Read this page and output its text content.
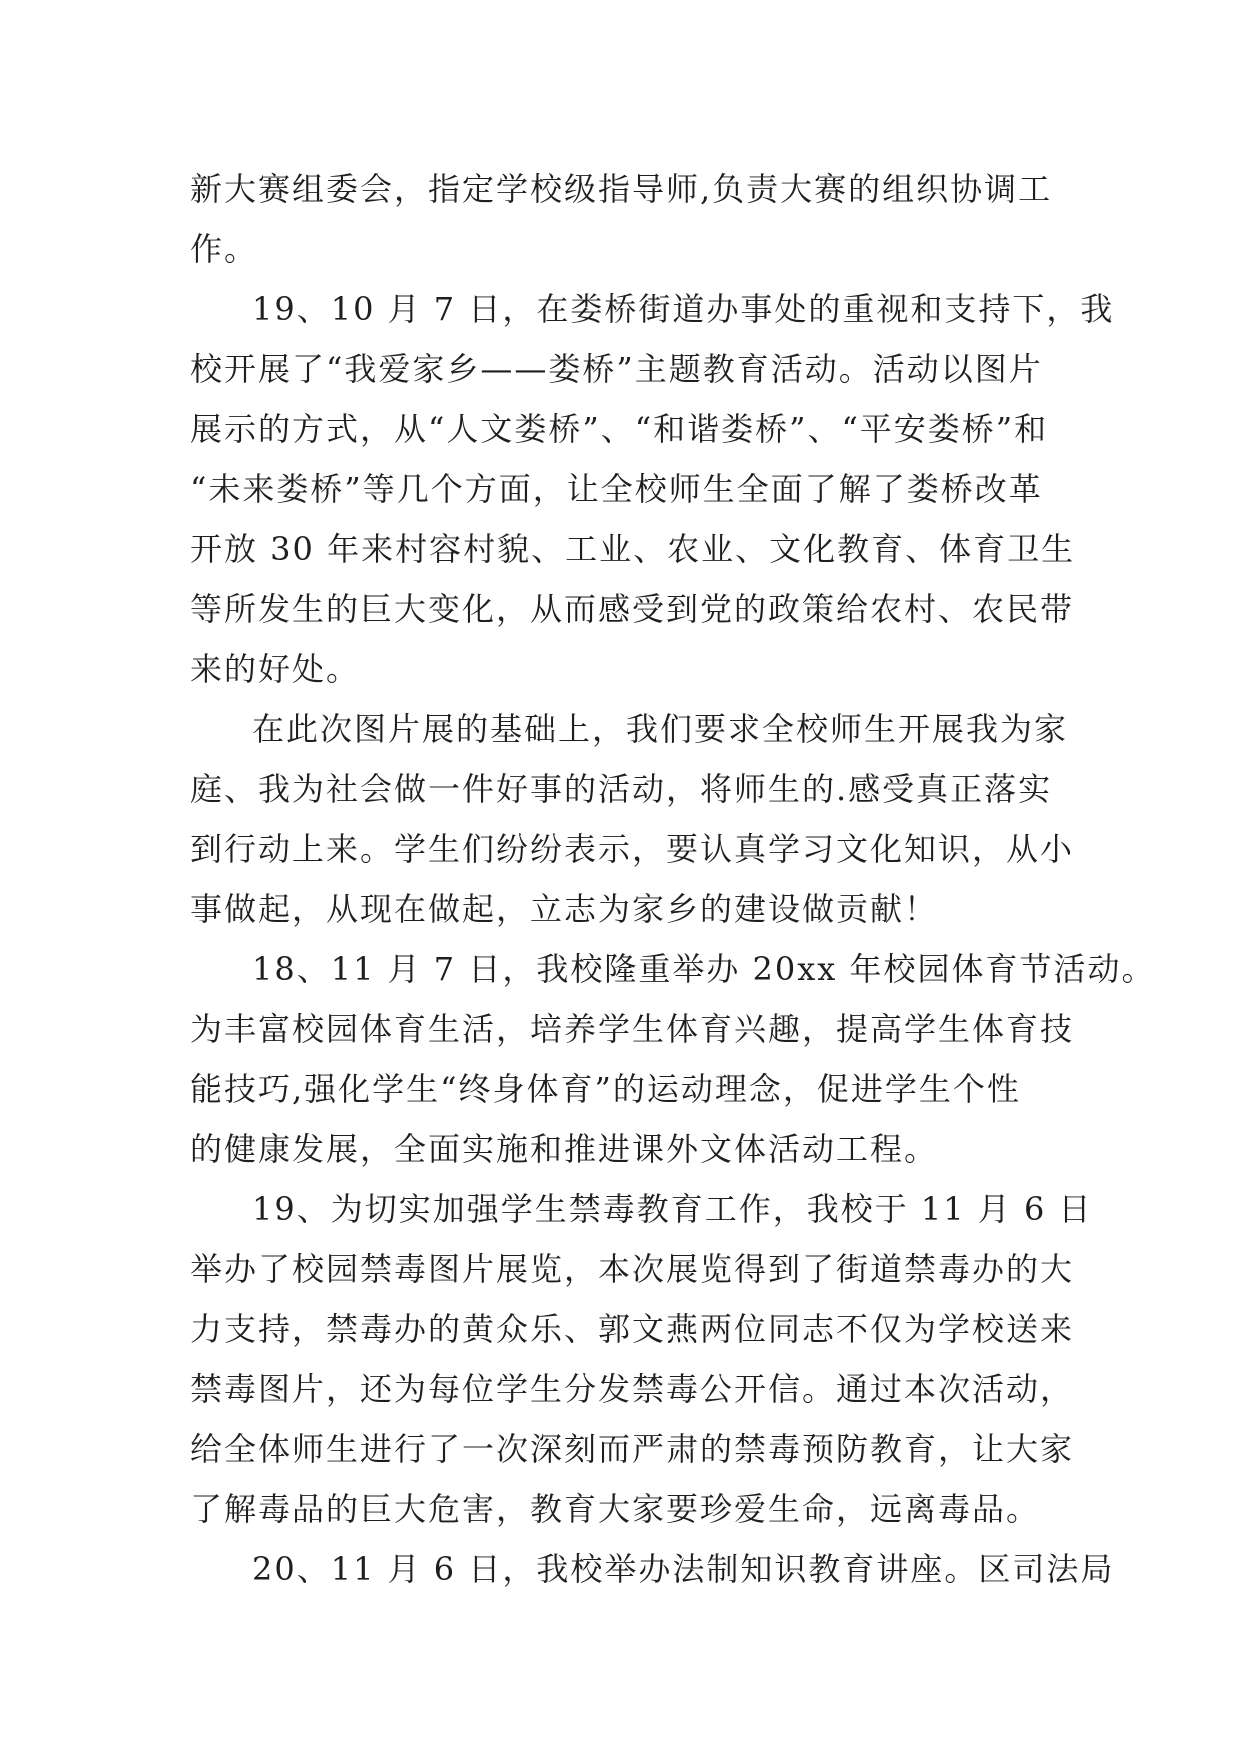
新大赛组委会，指定学校级指导师,负责大赛的组织协调工
作。

19、10 月 7 日，在娄桥街道办事处的重视和支持下，我
校开展了“我爱家乡——娄桥”主题教育活动。活动以图片
展示的方式，从“人文娄桥”、“和谐娄桥”、“平安娄桥”和
“未来娄桥”等几个方面，让全校师生全面了解了娄桥改革
开放 30 年来村容村貌、工业、农业、文化教育、体育卫生
等所发生的巨大变化，从而感受到党的政策给农村、农民带
来的好处。

在此次图片展的基础上，我们要求全校师生开展我为家
庭、我为社会做一件好事的活动，将师生的.感受真正落实
到行动上来。学生们纷纷表示，要认真学习文化知识，从小
事做起，从现在做起，立志为家乡的建设做贡献！

18、11 月 7 日，我校隆重举办 20xx 年校园体育节活动。
为丰富校园体育生活，培养学生体育兴趣，提高学生体育技
能技巧,强化学生“终身体育”的运动理念，促进学生个性
的健康发展，全面实施和推进课外文体活动工程。

19、为切实加强学生禁毒教育工作，我校于 11 月 6 日
举办了校园禁毒图片展览，本次展览得到了街道禁毒办的大
力支持，禁毒办的黄众乐、郭文燕两位同志不仅为学校送来
禁毒图片，还为每位学生分发禁毒公开信。通过本次活动，
给全体师生进行了一次深刻而严肃的禁毒预防教育，让大家
了解毒品的巨大危害，教育大家要珍爱生命，远离毒品。

20、11 月 6 日，我校举办法制知识教育讲座。区司法局
